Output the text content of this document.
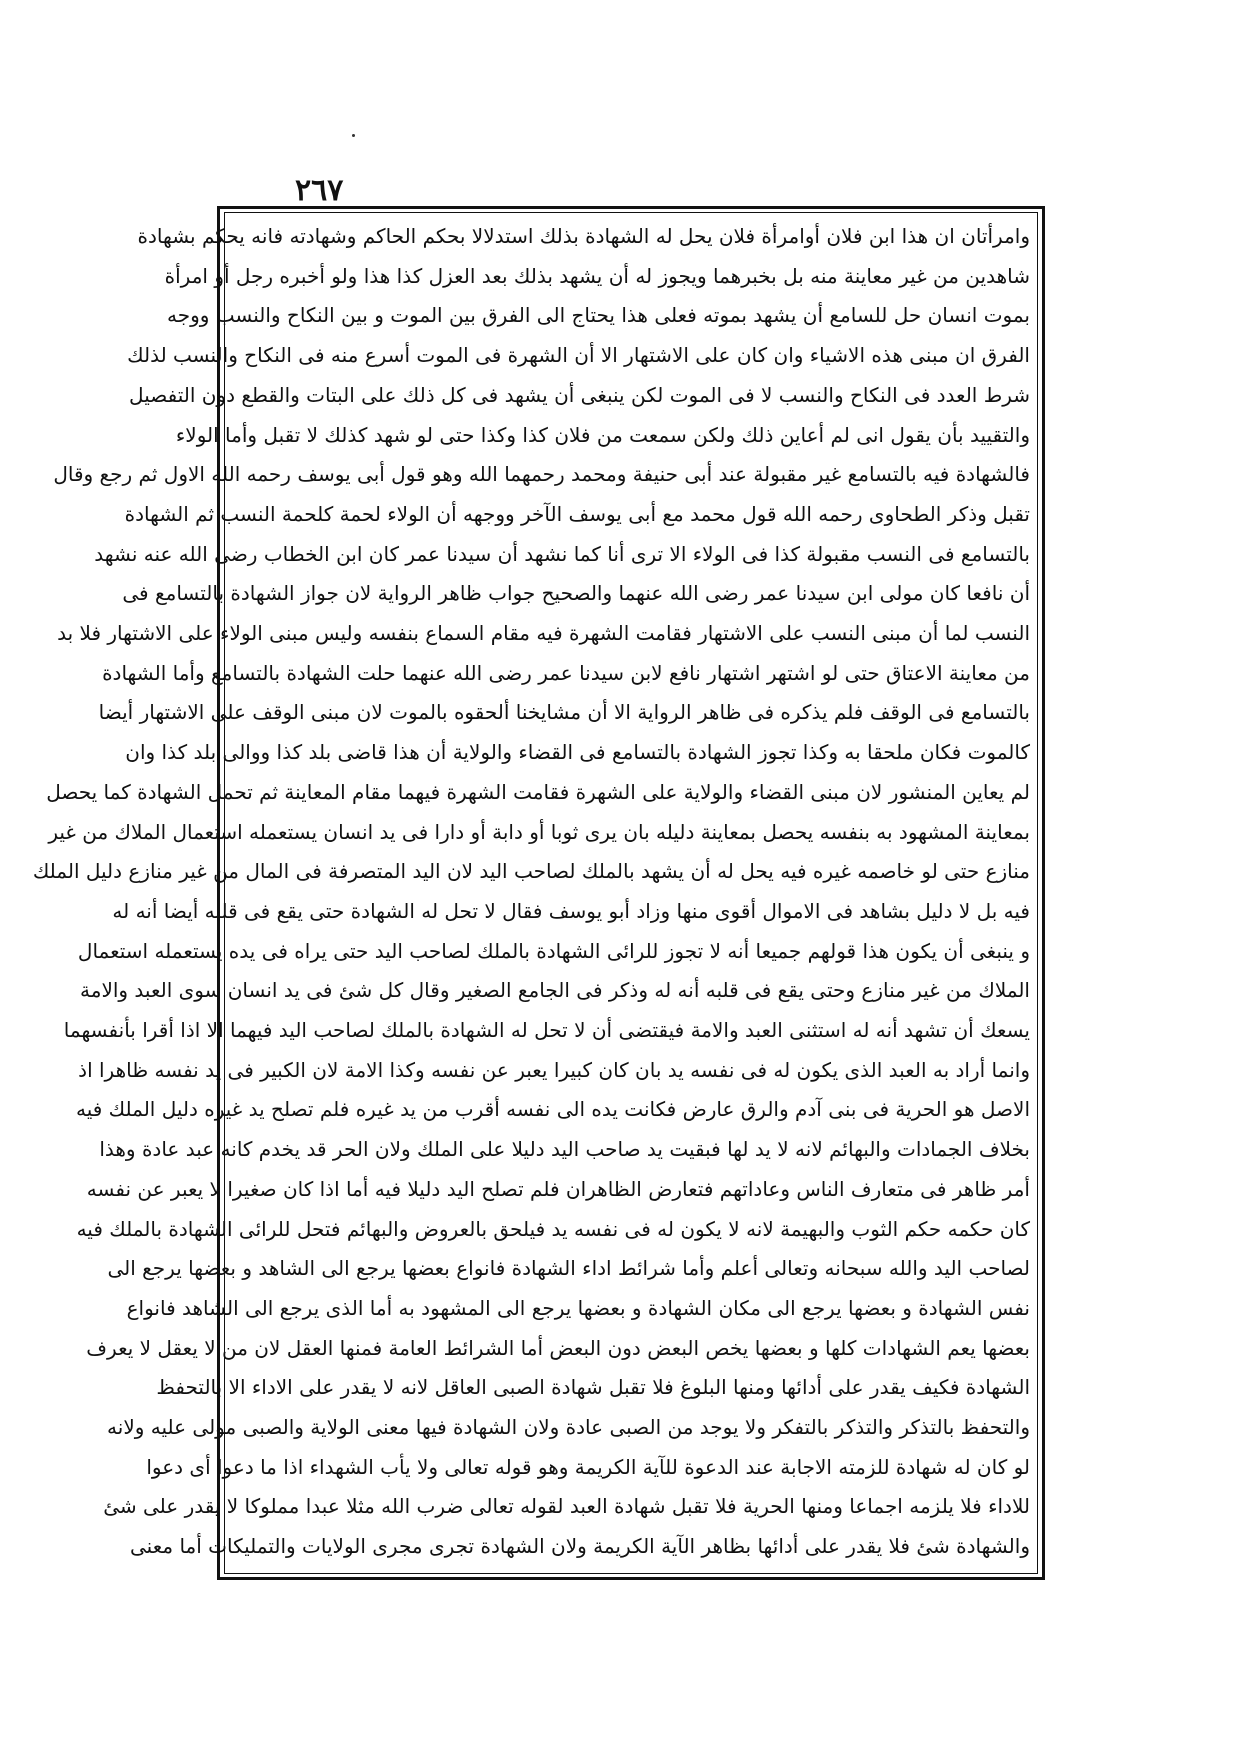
٢٦٧
وامرأتان ان هذا ابن فلان أوامرأة فلان يحل له الشهادة بذلك استدلالا بحكم الحاكم وشهادته فانه يحكم بشهادة
شاهدين من غير معاينة منه بل بخبرهما ويجوز له أن يشهد بذلك بعد العزل كذا هذا ولو أخبره رجل أو امرأة
بموت انسان حل للسامع أن يشهد بموته فعلى هذا يحتاج الى الفرق بين الموت و بين النكاح والنسب ووجه
الفرق ان مبنى هذه الاشياء وان كان على الاشتهار الا أن الشهرة فى الموت أسرع منه فى النكاح والنسب لذلك
شرط العدد فى النكاح والنسب لا فى الموت لكن ينبغى أن يشهد فى كل ذلك على البتات والقطع دون التفصيل
والتقييد بأن يقول انى لم أعاين ذلك ولكن سمعت من فلان كذا وكذا حتى لو شهد كذلك لا تقبل وأما الولاء
فالشهادة فيه بالتسامع غير مقبولة عند أبى حنيفة ومحمد رحمهما الله وهو قول أبى يوسف رحمه الله الاول ثم رجع وقال
تقبل وذكر الطحاوى رحمه الله قول محمد مع أبى يوسف الآخر ووجهه أن الولاء لحمة كلحمة النسب ثم الشهادة
بالتسامع فى النسب مقبولة كذا فى الولاء الا ترى أنا كما نشهد أن سيدنا عمر كان ابن الخطاب رضى الله عنه نشهد
أن نافعا كان مولى ابن سيدنا عمر رضى الله عنهما والصحيح جواب ظاهر الرواية لان جواز الشهادة بالتسامع فى
النسب لما أن مبنى النسب على الاشتهار فقامت الشهرة فيه مقام السماع بنفسه وليس مبنى الولاء على الاشتهار فلا بد
من معاينة الاعتاق حتى لو اشتهر اشتهار نافع لابن سيدنا عمر رضى الله عنهما حلت الشهادة بالتسامع وأما الشهادة
بالتسامع فى الوقف فلم يذكره فى ظاهر الرواية الا أن مشايخنا ألحقوه بالموت لان مبنى الوقف على الاشتهار أيضا
كالموت فكان ملحقا به وكذا تجوز الشهادة بالتسامع فى القضاء والولاية أن هذا قاضى بلد كذا ووالى بلد كذا وان
لم يعاين المنشور لان مبنى القضاء والولاية على الشهرة فقامت الشهرة فيهما مقام المعاينة ثم تحمل الشهادة كما يحصل
بمعاينة المشهود به بنفسه يحصل بمعاينة دليله بان يرى ثوبا أو دابة أو دارا فى يد انسان يستعمله استعمال الملاك من غير
منازع حتى لو خاصمه غيره فيه يحل له أن يشهد بالملك لصاحب اليد لان اليد المتصرفة فى المال من غير منازع دليل الملك
فيه بل لا دليل بشاهد فى الاموال أقوى منها وزاد أبو يوسف فقال لا تحل له الشهادة حتى يقع فى قلبه أيضا أنه له
و ينبغى أن يكون هذا قولهم جميعا أنه لا تجوز للرائى الشهادة بالملك لصاحب اليد حتى يراه فى يده يستعمله استعمال
الملاك من غير منازع وحتى يقع فى قلبه أنه له وذكر فى الجامع الصغير وقال كل شئ فى يد انسان سوى العبد والامة
يسعك أن تشهد أنه له استثنى العبد والامة فيقتضى أن لا تحل له الشهادة بالملك لصاحب اليد فيهما الا اذا أقرا بأنفسهما
وانما أراد به العبد الذى يكون له فى نفسه يد بان كان كبيرا يعبر عن نفسه وكذا الامة لان الكبير فى يد نفسه ظاهرا اذ
الاصل هو الحرية فى بنى آدم والرق عارض فكانت يده الى نفسه أقرب من يد غيره فلم تصلح يد غيره دليل الملك فيه
بخلاف الجمادات والبهائم لانه لا يد لها فبقيت يد صاحب اليد دليلا على الملك ولان الحر قد يخدم كانه عبد عادة وهذا
أمر ظاهر فى متعارف الناس وعاداتهم فتعارض الظاهران فلم تصلح اليد دليلا فيه أما اذا كان صغيرا لا يعبر عن نفسه
كان حكمه حكم الثوب والبهيمة لانه لا يكون له فى نفسه يد فيلحق بالعروض والبهائم فتحل للرائى الشهادة بالملك فيه
لصاحب اليد والله سبحانه وتعالى أعلم وأما شرائط اداء الشهادة فانواع بعضها يرجع الى الشاهد و بعضها يرجع الى
نفس الشهادة و بعضها يرجع الى مكان الشهادة و بعضها يرجع الى المشهود به أما الذى يرجع الى الشاهد فانواع
بعضها يعم الشهادات كلها و بعضها يخص البعض دون البعض أما الشرائط العامة فمنها العقل لان من لا يعقل لا يعرف
الشهادة فكيف يقدر على أدائها ومنها البلوغ فلا تقبل شهادة الصبى العاقل لانه لا يقدر على الاداء الا بالتحفظ
والتحفظ بالتذكر والتذكر بالتفكر ولا يوجد من الصبى عادة ولان الشهادة فيها معنى الولاية والصبى مولى عليه ولانه
لو كان له شهادة للزمته الاجابة عند الدعوة للآية الكريمة وهو قوله تعالى ولا يأب الشهداء اذا ما دعوا أى دعوا
للاداء فلا يلزمه اجماعا ومنها الحرية فلا تقبل شهادة العبد لقوله تعالى ضرب الله مثلا عبدا مملوكا لا يقدر على شئ
والشهادة شئ فلا يقدر على أدائها بظاهر الآية الكريمة ولان الشهادة تجرى مجرى الولايات والتمليكات أما معنى
